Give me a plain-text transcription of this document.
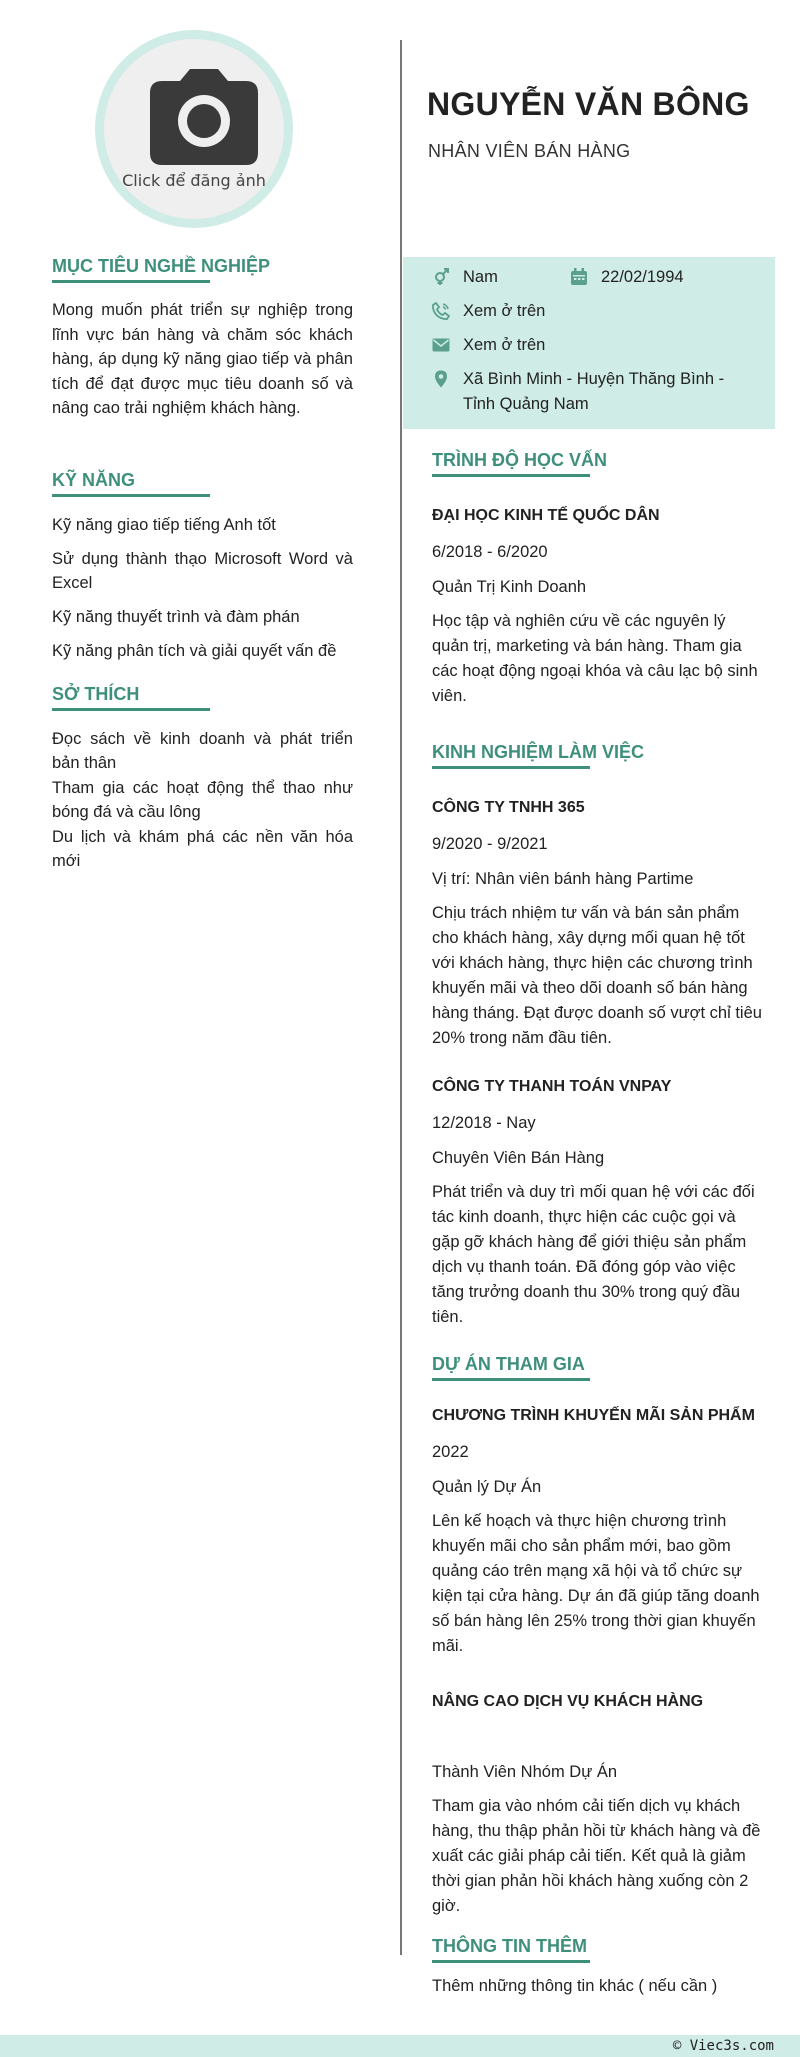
Click để đăng ảnh
NGUYỄN VĂN BÔNG
NHÂN VIÊN BÁN HÀNG
Nam	22/02/1994
Xem ở trên
Xem ở trên
Xã Bình Minh - Huyện Thăng Bình - Tỉnh Quảng Nam
MỤC TIÊU NGHỀ NGHIỆP
Mong muốn phát triển sự nghiệp trong lĩnh vực bán hàng và chăm sóc khách hàng, áp dụng kỹ năng giao tiếp và phân tích để đạt được mục tiêu doanh số và nâng cao trải nghiệm khách hàng.
KỸ NĂNG
Kỹ năng giao tiếp tiếng Anh tốt
Sử dụng thành thạo Microsoft Word và Excel
Kỹ năng thuyết trình và đàm phán
Kỹ năng phân tích và giải quyết vấn đề
SỞ THÍCH
Đọc sách về kinh doanh và phát triển bản thân
Tham gia các hoạt động thể thao như bóng đá và cầu lông
Du lịch và khám phá các nền văn hóa mới
TRÌNH ĐỘ HỌC VẤN
ĐẠI HỌC KINH TẾ QUỐC DÂN
6/2018 - 6/2020
Quản Trị Kinh Doanh
Học tập và nghiên cứu về các nguyên lý quản trị, marketing và bán hàng. Tham gia các hoạt động ngoại khóa và câu lạc bộ sinh viên.
KINH NGHIỆM LÀM VIỆC
CÔNG TY TNHH 365
9/2020 - 9/2021
Vị trí: Nhân viên bánh hàng Partime
Chịu trách nhiệm tư vấn và bán sản phẩm cho khách hàng, xây dựng mối quan hệ tốt với khách hàng, thực hiện các chương trình khuyến mãi và theo dõi doanh số bán hàng hàng tháng. Đạt được doanh số vượt chỉ tiêu 20% trong năm đầu tiên.
CÔNG TY THANH TOÁN VNPAY
12/2018 - Nay
Chuyên Viên Bán Hàng
Phát triển và duy trì mối quan hệ với các đối tác kinh doanh, thực hiện các cuộc gọi và gặp gỡ khách hàng để giới thiệu sản phẩm dịch vụ thanh toán. Đã đóng góp vào việc tăng trưởng doanh thu 30% trong quý đầu tiên.
DỰ ÁN THAM GIA
CHƯƠNG TRÌNH KHUYẾN MÃI SẢN PHẨM
2022
Quản lý Dự Án
Lên kế hoạch và thực hiện chương trình khuyến mãi cho sản phẩm mới, bao gồm quảng cáo trên mạng xã hội và tổ chức sự kiện tại cửa hàng. Dự án đã giúp tăng doanh số bán hàng lên 25% trong thời gian khuyến mãi.
NÂNG CAO DỊCH VỤ KHÁCH HÀNG
Thành Viên Nhóm Dự Án
Tham gia vào nhóm cải tiến dịch vụ khách hàng, thu thập phản hồi từ khách hàng và đề xuất các giải pháp cải tiến. Kết quả là giảm thời gian phản hồi khách hàng xuống còn 2 giờ.
THÔNG TIN THÊM
Thêm những thông tin khác ( nếu cần )
© Viec3s.com
